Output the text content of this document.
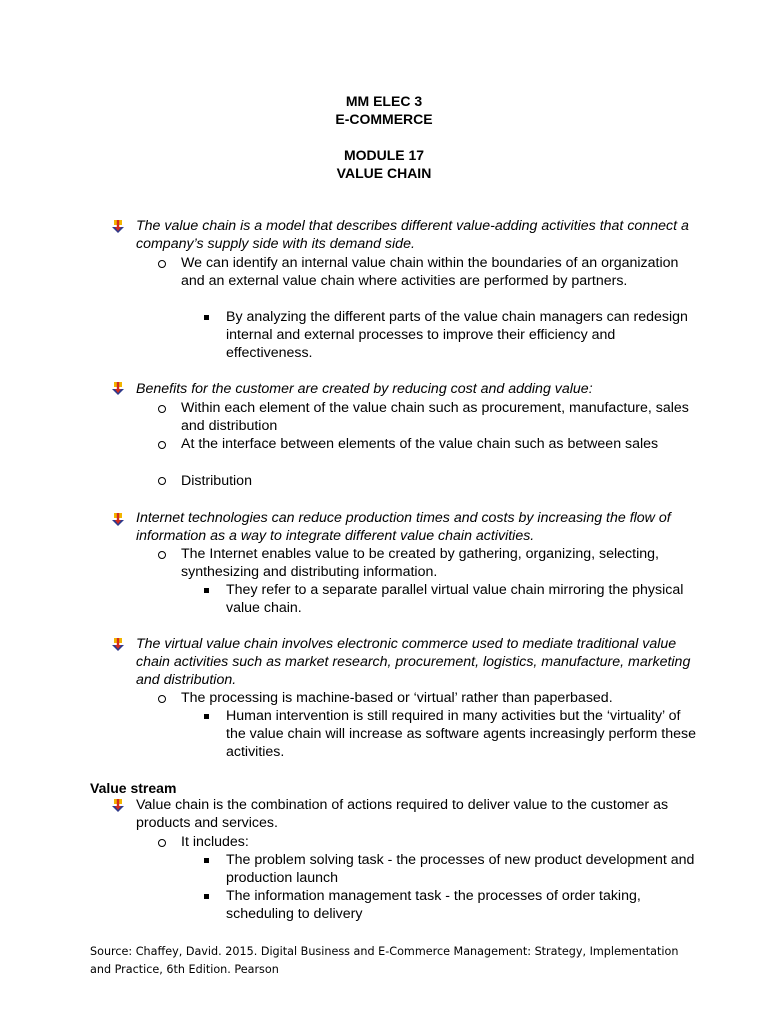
MM ELEC 3
E-COMMERCE
MODULE 17
VALUE CHAIN
The value chain is a model that describes different value-adding activities that connect a company’s supply side with its demand side.
We can identify an internal value chain within the boundaries of an organization and an external value chain where activities are performed by partners.
By analyzing the different parts of the value chain managers can redesign internal and external processes to improve their efficiency and effectiveness.
Benefits for the customer are created by reducing cost and adding value:
Within each element of the value chain such as procurement, manufacture, sales and distribution
At the interface between elements of the value chain such as between sales
Distribution
Internet technologies can reduce production times and costs by increasing the flow of information as a way to integrate different value chain activities.
The Internet enables value to be created by gathering, organizing, selecting, synthesizing and distributing information.
They refer to a separate parallel virtual value chain mirroring the physical value chain.
The virtual value chain involves electronic commerce used to mediate traditional value chain activities such as market research, procurement, logistics, manufacture, marketing and distribution.
The processing is machine-based or ‘virtual’ rather than paperbased.
Human intervention is still required in many activities but the ‘virtuality’ of the value chain will increase as software agents increasingly perform these activities.
Value stream
Value chain is the combination of actions required to deliver value to the customer as products and services.
It includes:
The problem solving task - the processes of new product development and production launch
The information management task - the processes of order taking, scheduling to delivery
Source: Chaffey, David. 2015. Digital Business and E-Commerce Management: Strategy, Implementation and Practice, 6th Edition. Pearson
